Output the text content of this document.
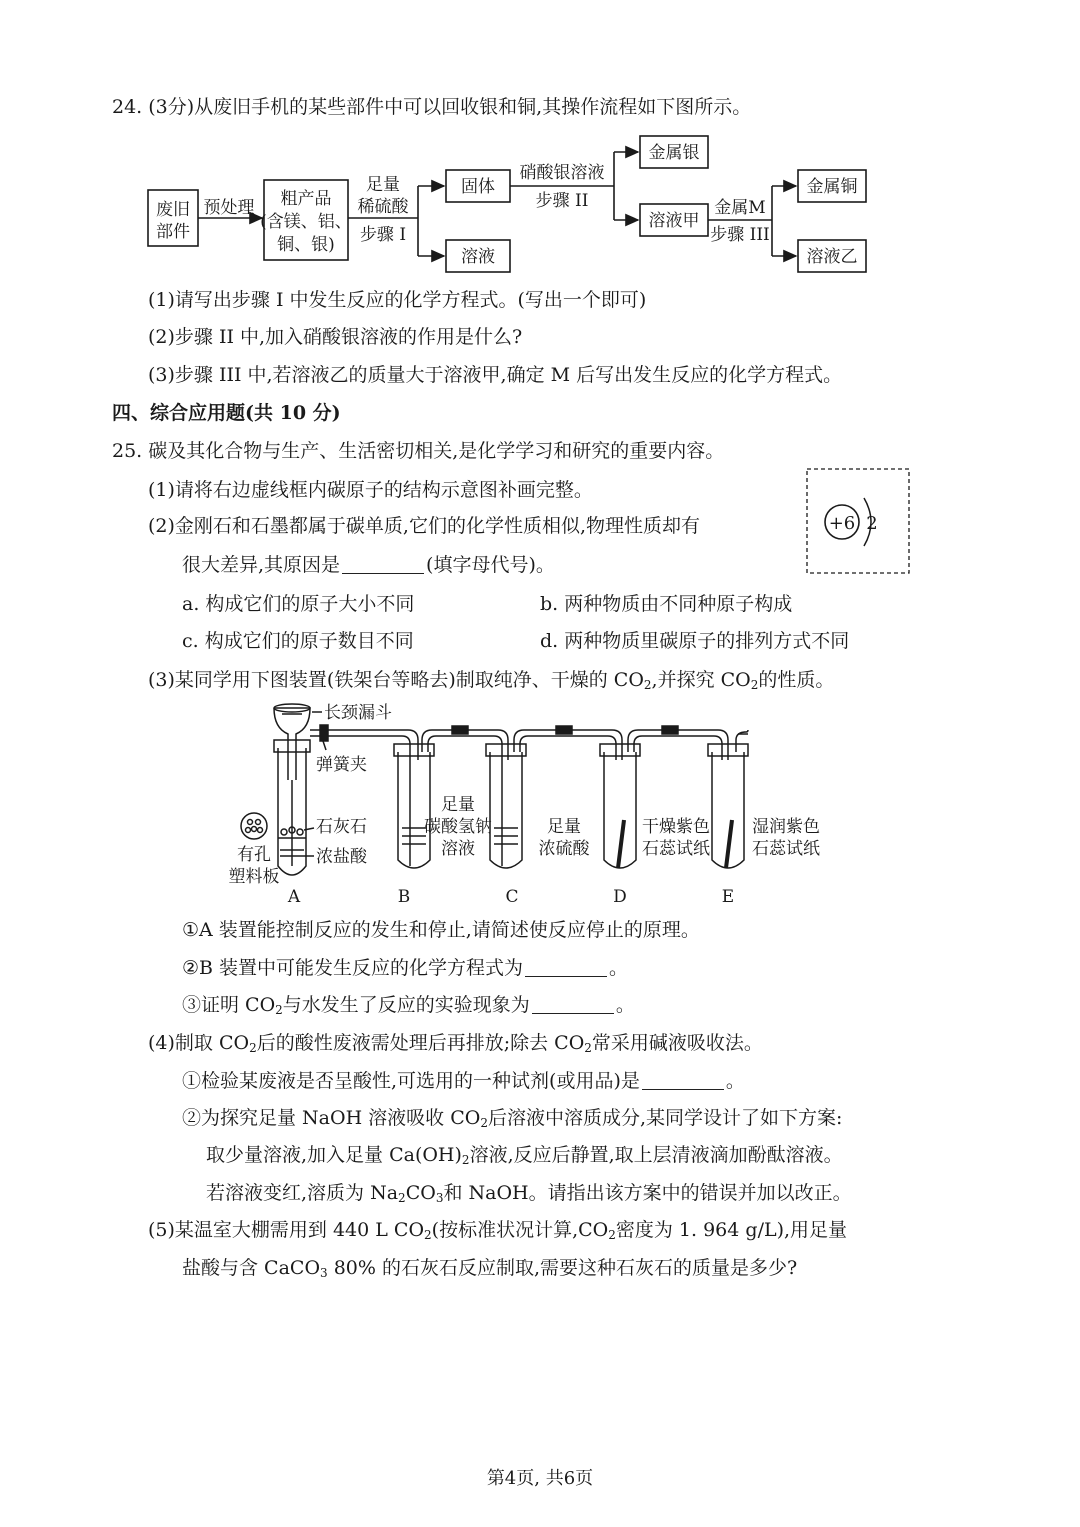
24. (3分)从废旧手机的某些部件中可以回收银和铜,其操作流程如下图所示。
废旧
部件
预处理 粗产品
(含镁、铝、
铜、银)
足量
稀硫酸
步骤 I
固体
溶液
硝酸银溶液
步骤 II
金属银
溶液甲
金属M
步骤 III
金属铜
溶液乙
(1)请写出步骤 I 中发生反应的化学方程式。(写出一个即可)
(2)步骤 II 中,加入硝酸银溶液的作用是什么?
(3)步骤 III 中,若溶液乙的质量大于溶液甲,确定 M 后写出发生反应的化学方程式。
四、综合应用题(共 10 分)
25. 碳及其化合物与生产、生活密切相关,是化学学习和研究的重要内容。
(1)请将右边虚线框内碳原子的结构示意图补画完整。
(2)金刚石和石墨都属于碳单质,它们的化学性质相似,物理性质却有
很大差异,其原因是	(填字母代号)。
+6 2
a. 构成它们的原子大小不同	b. 两种物质由不同种原子构成
c. 构成它们的原子数目不同	d. 两种物质里碳原子的排列方式不同
(3)某同学用下图装置(铁架台等略去)制取纯净、干燥的 $CO_2$,并探究 $CO_2$的性质。
长颈漏斗
弹簧夹
石灰石
浓盐酸
有孔
塑料板
足量
碳酸氢钠
溶液
足量
浓硫酸
干燥紫色
石蕊试纸
湿润紫色
石蕊试纸
A	B	C	D	E
①A 装置能控制反应的发生和停止,请简述使反应停止的原理。
②B 装置中可能发生反应的化学方程式为	。
③证明 $CO_2$与水发生了反应的实验现象为	。
(4)制取 $CO_2$后的酸性废液需处理后再排放;除去 $CO_2$常采用碱液吸收法。
①检验某废液是否呈酸性,可选用的一种试剂(或用品)是	。
②为探究足量 NaOH 溶液吸收 $CO_2$后溶液中溶质成分,某同学设计了如下方案:
取少量溶液,加入足量 $Ca(OH)_2$溶液,反应后静置,取上层清液滴加酚酞溶液。
若溶液变红,溶质为 $Na_2CO_3$和 NaOH。请指出该方案中的错误并加以改正。
(5)某温室大棚需用到 440 L $CO_2$(按标准状况计算$,CO_2$密度为 1. 964 g/L),用足量
盐酸与含 CaCO$_3$ 80% 的石灰石反应制取,需要这种石灰石的质量是多少?
第4页, 共6页
